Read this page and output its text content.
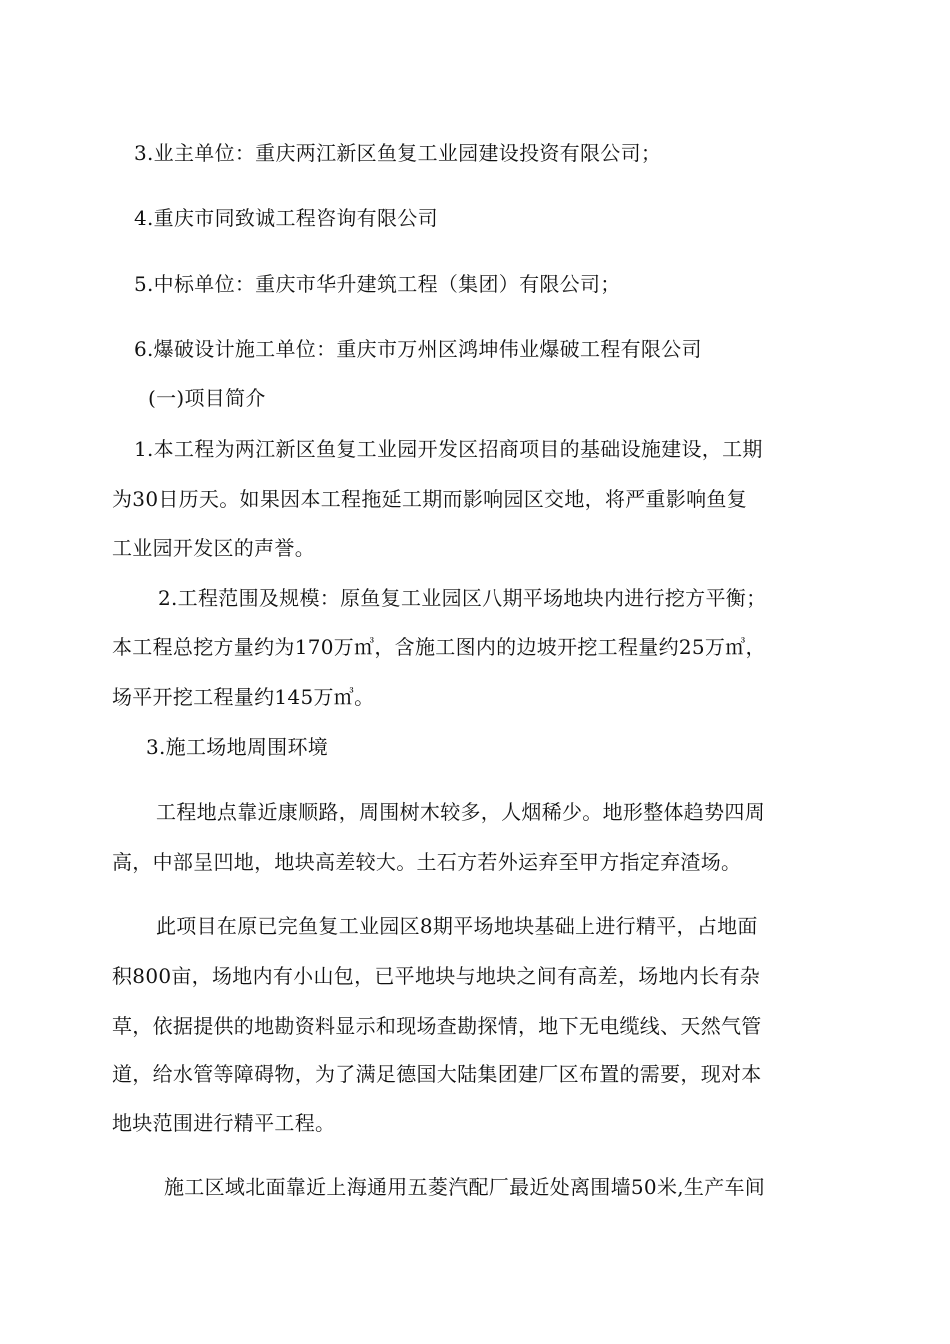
3.业主单位：重庆两江新区鱼复工业园建设投资有限公司；
4.重庆市同致诚工程咨询有限公司
5.中标单位：重庆市华升建筑工程（集团）有限公司；
6.爆破设计施工单位：重庆市万州区鸿坤伟业爆破工程有限公司
(一)项目简介
1.本工程为两江新区鱼复工业园开发区招商项目的基础设施建设，工期
为30日历天。如果因本工程拖延工期而影响园区交地，将严重影响鱼复
工业园开发区的声誉。
2.工程范围及规模：原鱼复工业园区八期平场地块内进行挖方平衡；
本工程总挖方量约为170万㎥，含施工图内的边坡开挖工程量约25万㎥，
场平开挖工程量约145万㎥。
3.施工场地周围环境
工程地点靠近康顺路，周围树木较多，人烟稀少。地形整体趋势四周
高，中部呈凹地，地块高差较大。土石方若外运弃至甲方指定弃渣场。
此项目在原已完鱼复工业园区8期平场地块基础上进行精平，占地面
积800亩，场地内有小山包，已平地块与地块之间有高差，场地内长有杂
草，依据提供的地勘资料显示和现场查勘探情，地下无电缆线、天然气管
道，给水管等障碍物，为了满足德国大陆集团建厂区布置的需要，现对本
地块范围进行精平工程。
施工区域北面靠近上海通用五菱汽配厂最近处离围墙50米,生产车间
